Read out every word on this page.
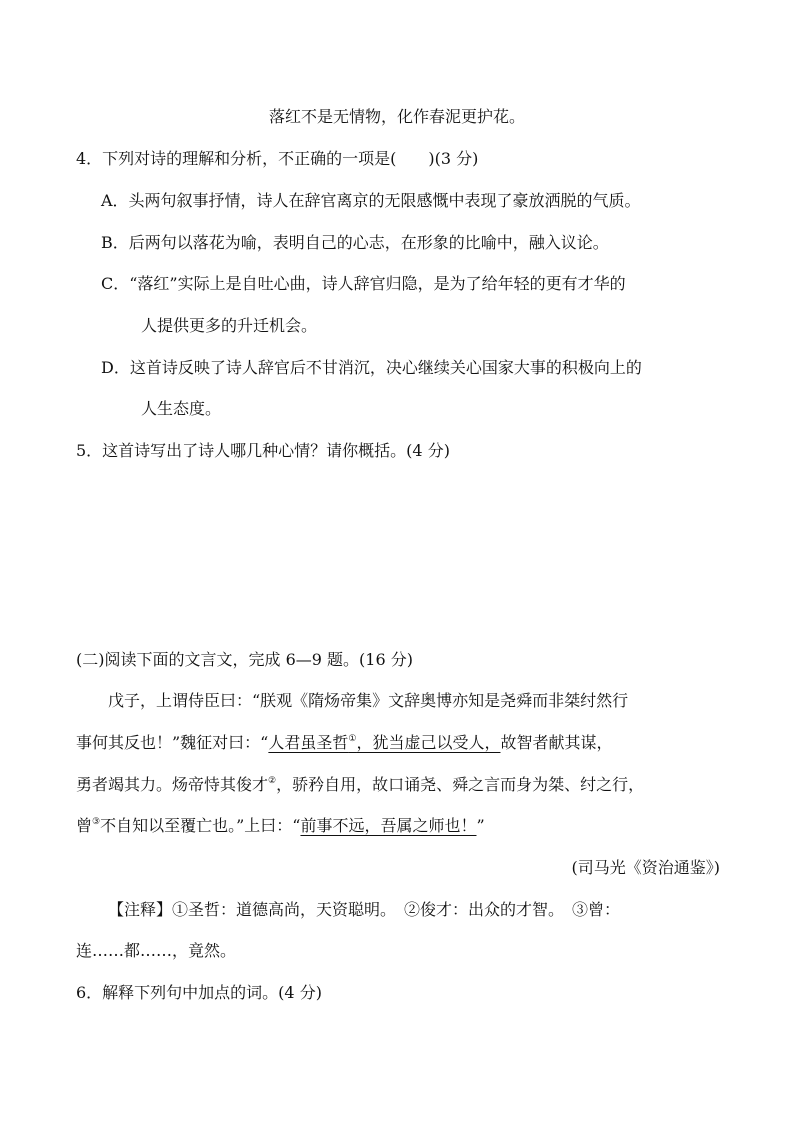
落红不是无情物，化作春泥更护花。
4．下列对诗的理解和分析，不正确的一项是(　　)(3 分)
A．头两句叙事抒情，诗人在辞官离京的无限感慨中表现了豪放洒脱的气质。
B．后两句以落花为喻，表明自己的心志，在形象的比喻中，融入议论。
C．“落红”实际上是自吐心曲，诗人辞官归隐，是为了给年轻的更有才华的
人提供更多的升迁机会。
D．这首诗反映了诗人辞官后不甘消沉，决心继续关心国家大事的积极向上的
人生态度。
5．这首诗写出了诗人哪几种心情？请你概括。(4 分)
(二)阅读下面的文言文，完成 6—9 题。(16 分)
戊子，上谓侍臣曰：“朕观《隋炀帝集》文辞奥博亦知是尧舜而非桀纣然行
事何其反也！”魏征对曰：“人君虽圣哲①，犹当虚己以受人，故智者献其谋，
勇者竭其力。炀帝恃其俊才②，骄矜自用，故口诵尧、舜之言而身为桀、纣之行，
曾③不自知以至覆亡也。”上曰：“前事不远，吾属之师也！”
(司马光《资治通鉴》)
【注释】①圣哲：道德高尚，天资聪明。　②俊才：出众的才智。　③曾：
连……都……，竟然。
6．解释下列句中加点的词。(4 分)
